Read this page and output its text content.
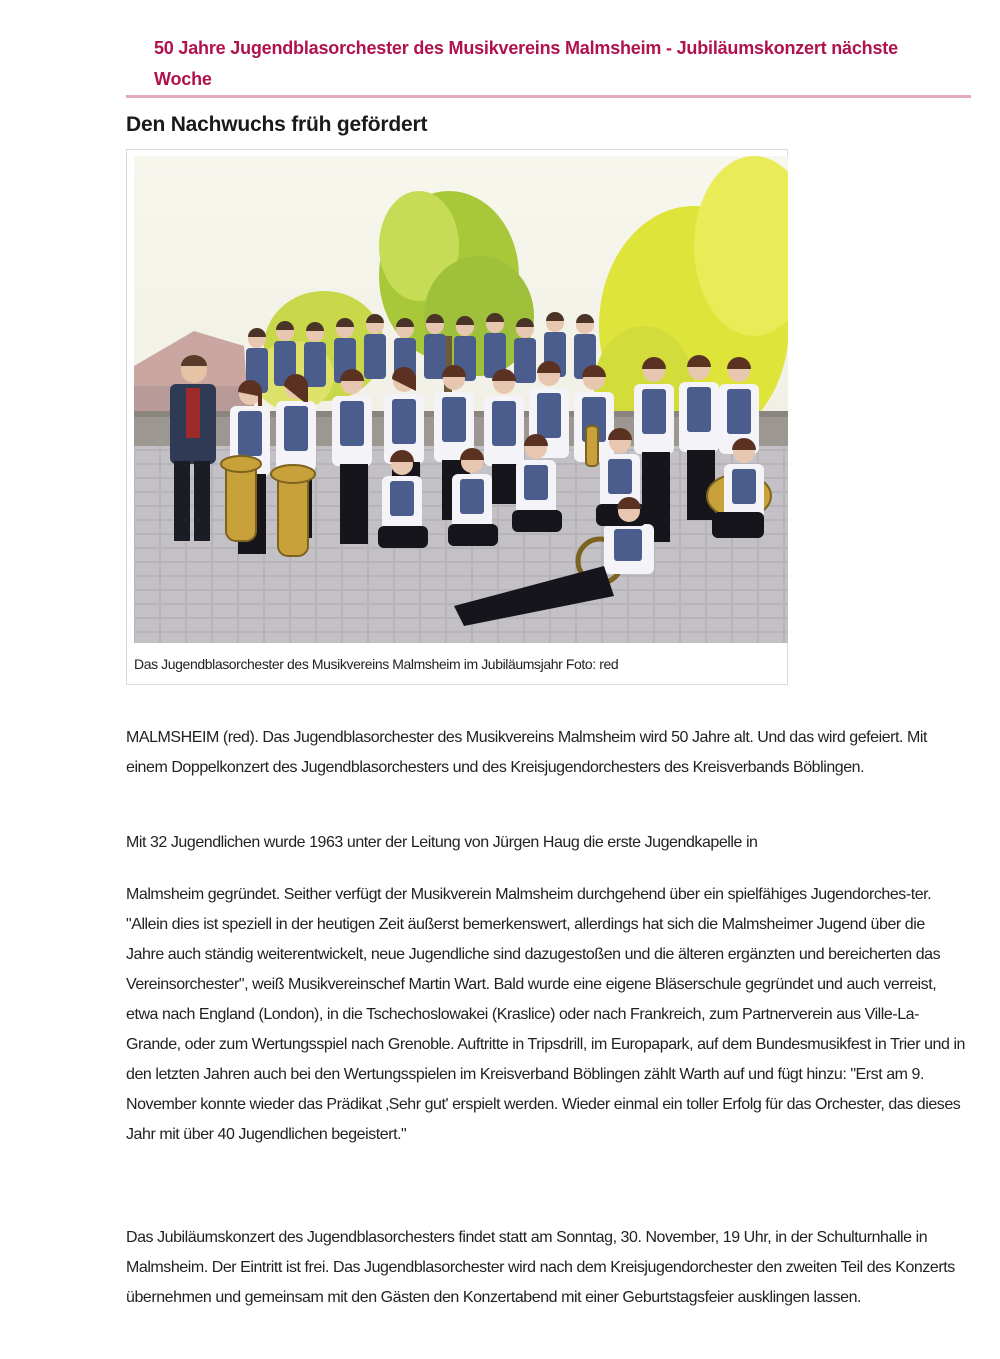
50 Jahre Jugendblasorchester des Musikvereins Malmsheim - Jubiläumskonzert nächste Woche
Den Nachwuchs früh gefördert
Das Jugendblasorchester des Musikvereins Malmsheim im Jubiläumsjahr Foto: red

MALMSHEIM (red). Das Jugendblasorchester des Musikvereins Malmsheim wird 50 Jahre alt. Und das wird gefeiert. Mit einem Doppelkonzert des Jugendblasorchesters und des Kreisjugendorchesters des Kreisverbands Böblingen.

Mit 32 Jugendlichen wurde 1963 unter der Leitung von Jürgen Haug die erste Jugendkapelle in

Malmsheim gegründet. Seither verfügt der Musikverein Malmsheim durchgehend über ein spielfähiges Jugendorches-ter. "Allein dies ist speziell in der heutigen Zeit äußerst bemerkenswert, allerdings hat sich die Malmsheimer Jugend über die Jahre auch ständig weiterentwickelt, neue Jugendliche sind dazugestoßen und die älteren ergänzten und bereicherten das Vereinsorchester", weiß Musikvereinschef Martin Wart. Bald wurde eine eigene Bläserschule gegründet und auch verreist, etwa nach England (London), in die Tschechoslowakei (Kraslice) oder nach Frankreich, zum Partnerverein aus Ville-La-Grande, oder zum Wertungsspiel nach Grenoble. Auftritte in Tripsdrill, im Europapark, auf dem Bundesmusikfest in Trier und in den letzten Jahren auch bei den Wertungsspielen im Kreisverband Böblingen zählt Warth auf und fügt hinzu: "Erst am 9. November konnte wieder das Prädikat ‚Sehr gut' erspielt werden. Wieder einmal ein toller Erfolg für das Orchester, das dieses Jahr mit über 40 Jugendlichen begeistert."

Das Jubiläumskonzert des Jugendblasorchesters findet statt am Sonntag, 30. November, 19 Uhr, in der Schulturnhalle in Malmsheim. Der Eintritt ist frei. Das Jugendblasorchester wird nach dem Kreisjugendorchester den zweiten Teil des Konzerts übernehmen und gemeinsam mit den Gästen den Konzertabend mit einer Geburtstagsfeier ausklingen lassen.
